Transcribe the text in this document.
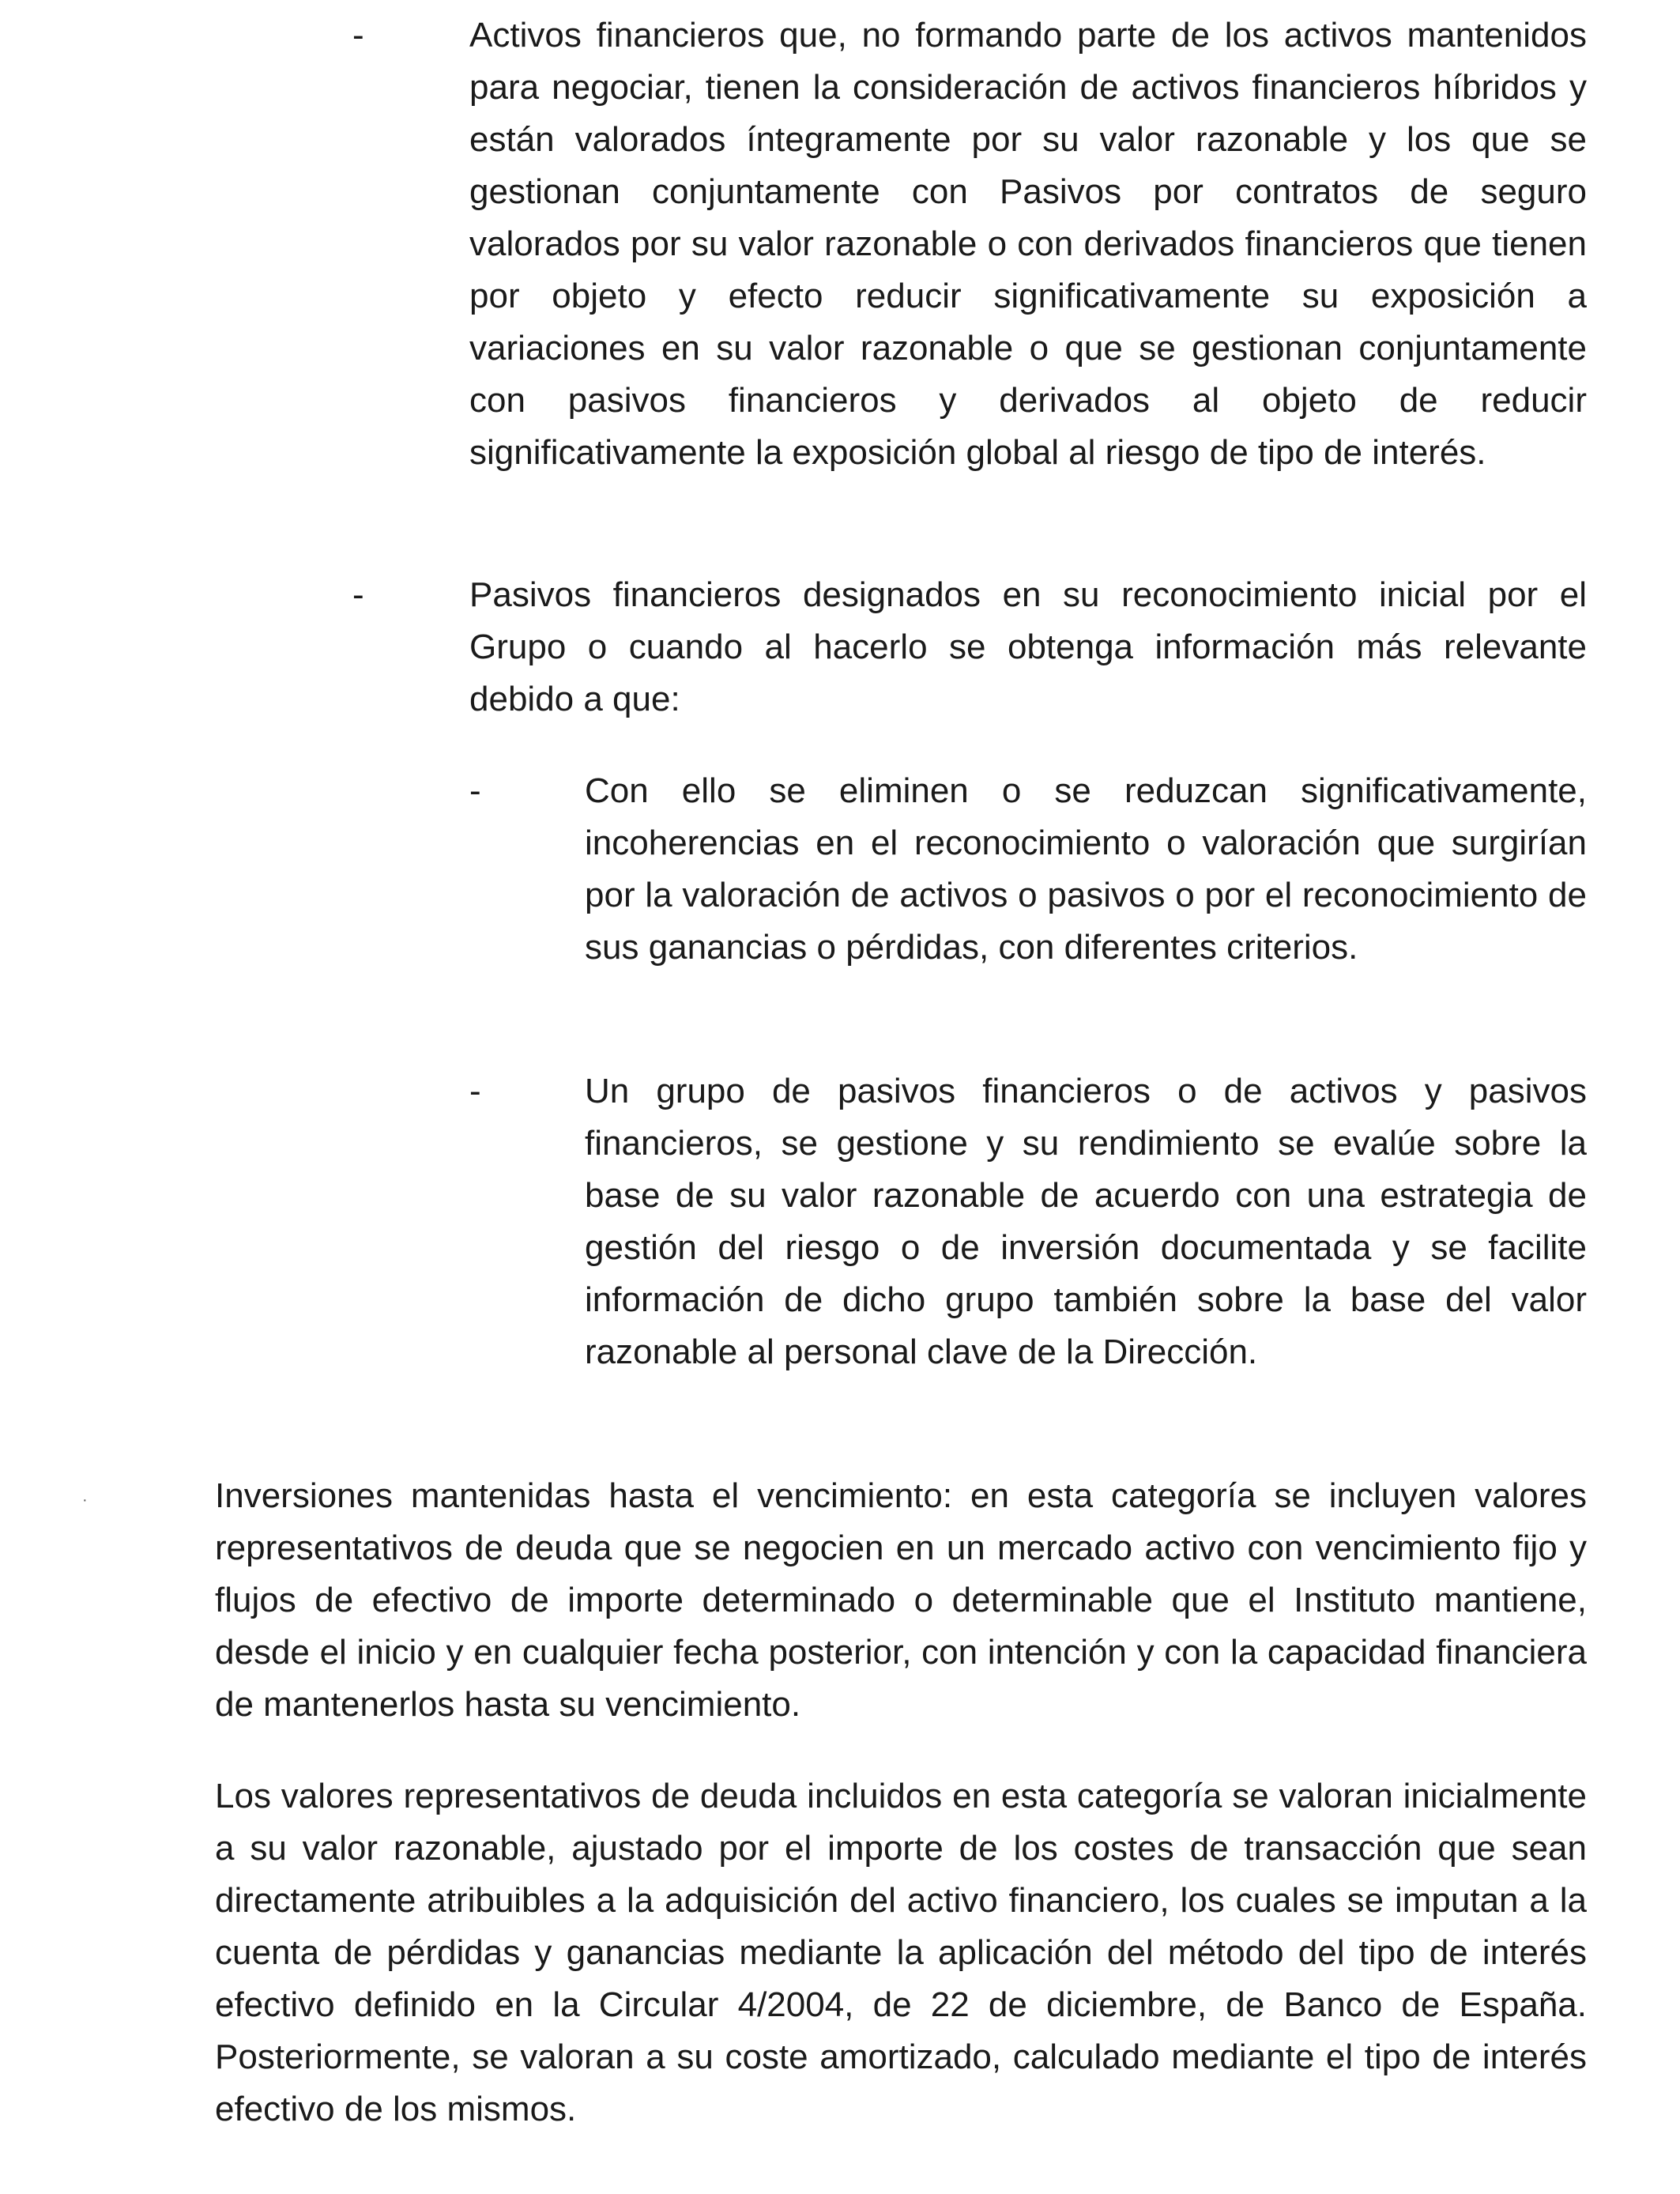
-	Activos financieros que, no formando parte de los activos mantenidos para negociar, tienen la consideración de activos financieros híbridos y están valorados íntegramente por su valor razonable y los que se gestionan conjuntamente con Pasivos por contratos de seguro valorados por su valor razonable o con derivados financieros que tienen por objeto y efecto reducir significativamente su exposición a variaciones en su valor razonable o que se gestionan conjuntamente con pasivos financieros y derivados al objeto de reducir significativamente la exposición global al riesgo de tipo de interés.
-	Pasivos financieros designados en su reconocimiento inicial por el Grupo o cuando al hacerlo se obtenga información más relevante debido a que:
-	Con ello se eliminen o se reduzcan significativamente, incoherencias en el reconocimiento o valoración que surgirían por la valoración de activos o pasivos o por el reconocimiento de sus ganancias o pérdidas, con diferentes criterios.
-	Un grupo de pasivos financieros o de activos y pasivos financieros, se gestione y su rendimiento se evalúe sobre la base de su valor razonable de acuerdo con una estrategia de gestión del riesgo o de inversión documentada y se facilite información de dicho grupo también sobre la base del valor razonable al personal clave de la Dirección.
·	Inversiones mantenidas hasta el vencimiento: en esta categoría se incluyen valores representativos de deuda que se negocien en un mercado activo con vencimiento fijo y flujos de efectivo de importe determinado o determinable que el Instituto mantiene, desde el inicio y en cualquier fecha posterior, con intención y con la capacidad financiera de mantenerlos hasta su vencimiento.
Los valores representativos de deuda incluidos en esta categoría se valoran inicialmente a su valor razonable, ajustado por el importe de los costes de transacción que sean directamente atribuibles a la adquisición del activo financiero, los cuales se imputan a la cuenta de pérdidas y ganancias mediante la aplicación del método del tipo de interés efectivo definido en la Circular 4/2004, de 22 de diciembre, de Banco de España. Posteriormente, se valoran a su coste amortizado, calculado mediante el tipo de interés efectivo de los mismos.
